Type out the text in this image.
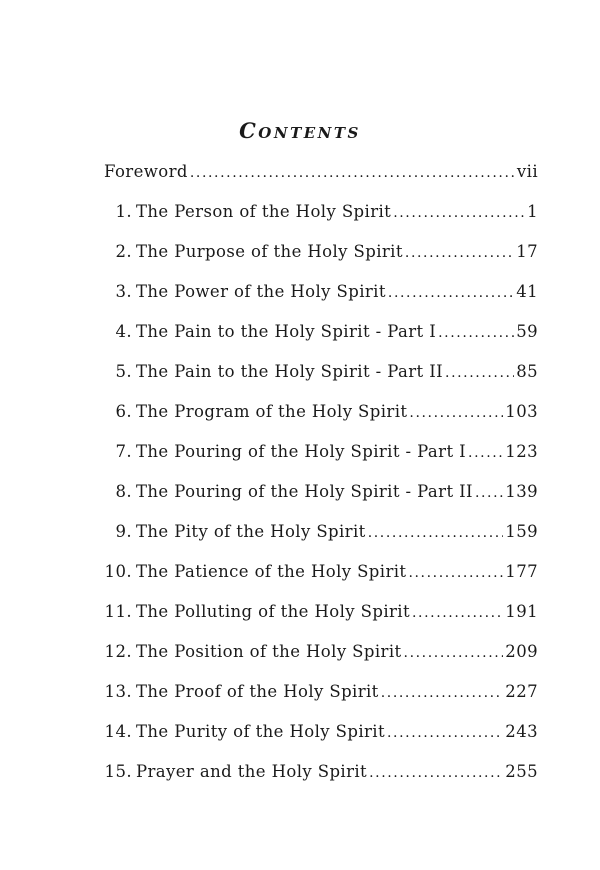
Contents
Foreword .....	vii
1. The Person of the Holy Spirit .....	1
2. The Purpose of the Holy Spirit .....	17
3. The Power of the Holy Spirit .....	41
4. The Pain to the Holy Spirit - Part I .....	59
5. The Pain to the Holy Spirit - Part II .....	85
6. The Program of the Holy Spirit .....	103
7. The Pouring of the Holy Spirit - Part I ..... 123
8. The Pouring of the Holy Spirit - Part II ..... 139
9. The Pity of the Holy Spirit .....	159
10. The Patience of the Holy Spirit .....	177
11. The Polluting of the Holy Spirit .....	191
12. The Position of the Holy Spirit .....	209
13. The Proof of the Holy Spirit .....	227
14. The Purity of the Holy Spirit .....	243
15. Prayer and the Holy Spirit .....	255
